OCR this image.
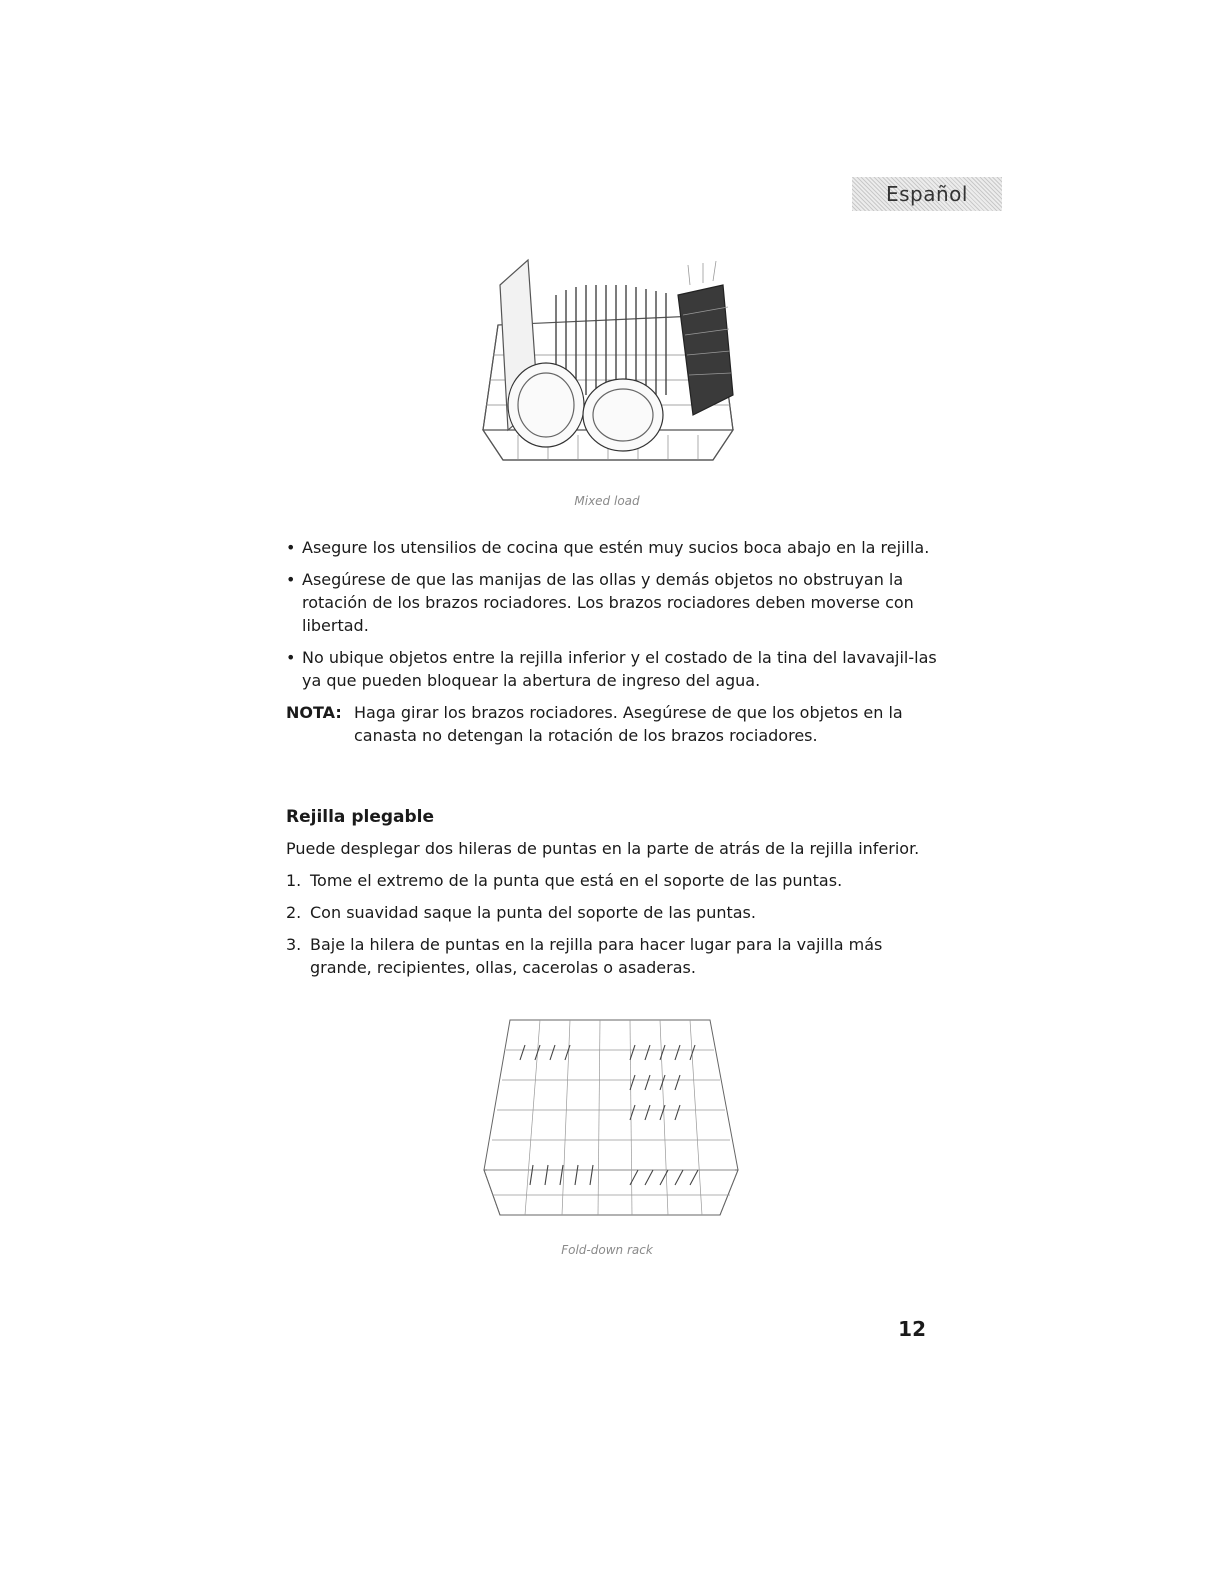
Español
Mixed load
• Asegure los utensilios de cocina que estén muy sucios boca abajo en la rejilla.
• Asegúrese de que las manijas de las ollas y demás objetos no obstruyan la rotación de los brazos rociadores. Los brazos rociadores deben moverse con libertad.
• No ubique objetos entre la rejilla inferior y el costado de la tina del lavavajil-las ya que pueden bloquear la abertura de ingreso del agua.
NOTA: Haga girar los brazos rociadores. Asegúrese de que los objetos en la canasta no detengan la rotación de los brazos rociadores.
Rejilla plegable

Puede desplegar dos hileras de puntas en la parte de atrás de la rejilla inferior.

1. Tome el extremo de la punta que está en el soporte de las puntas.
2. Con suavidad saque la punta del soporte de las puntas.
3. Baje la hilera de puntas en la rejilla para hacer lugar para la vajilla más grande, recipientes, ollas, cacerolas o asaderas.
Fold-down rack
12
